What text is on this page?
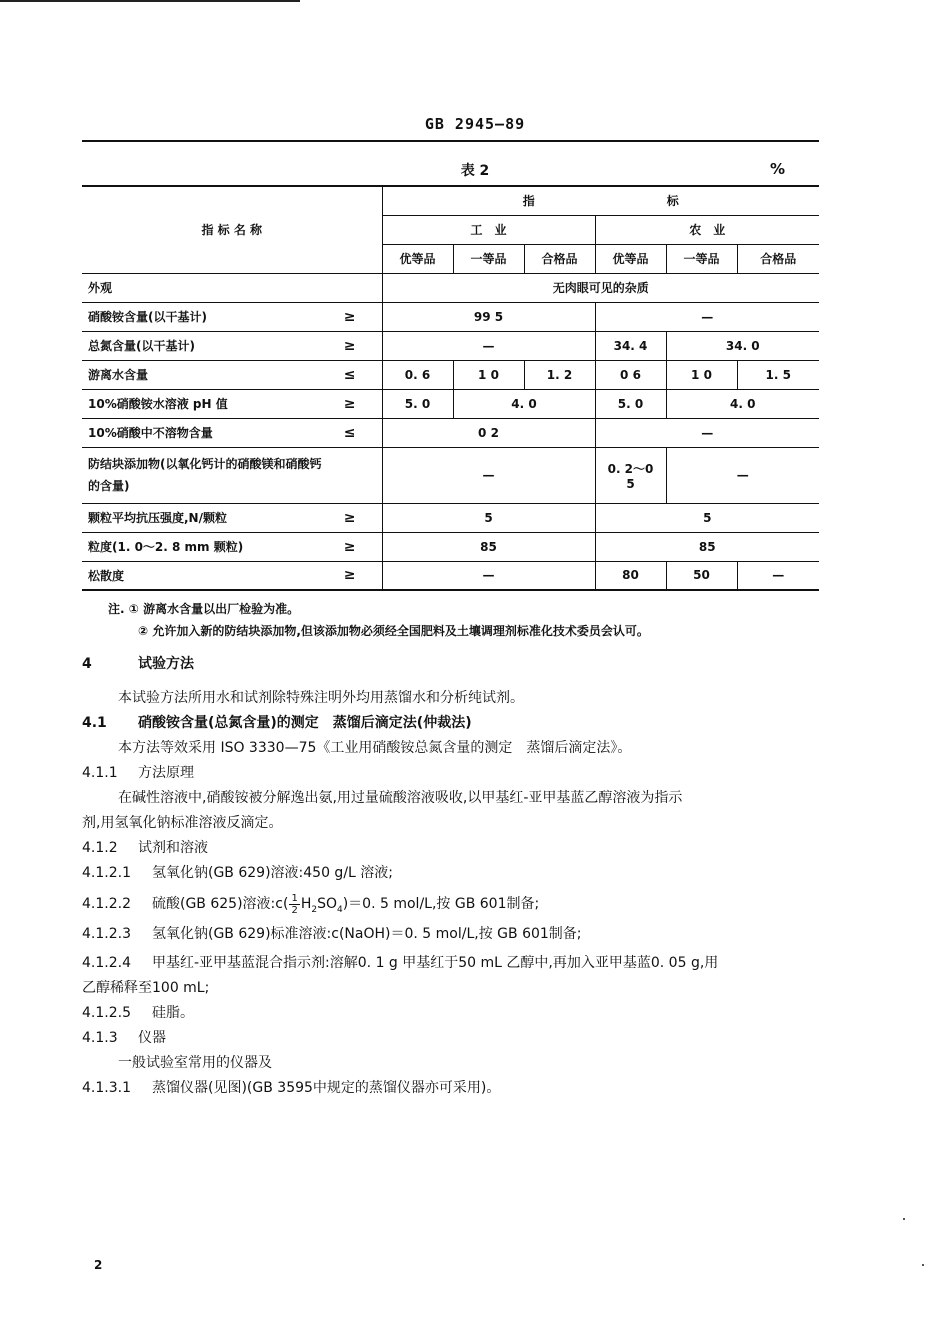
GB 2945—89
表 2	%
指 标 名 称	指　　　　　　　　　　　标					
	工　业			农　业		
	优等品	一等品	合格品	优等品	一等品	合格品
外观	无肉眼可见的杂质					

硝酸铵含量(以干基计) ≥	99 5			—		

总氮含量(以干基计) ≥	—			34. 4	34. 0	

游离水含量 ≤	0. 6	1 0	1. 2	0 6	1 0	1. 5

10%硝酸铵水溶液 pH 值 ≥	5. 0	4. 0		5. 0	4. 0	

10%硝酸中不溶物含量 ≤	0 2			—		

防结块添加物(以氧化钙计的硝酸镁和硝酸钙
的含量)	—			0. 2～0 5	—	

颗粒平均抗压强度,N/颗粒 ≥	5			5		

粒度(1. 0～2. 8 mm 颗粒) ≥	85			85		

松散度 ≥	—			80	50	—
注. ① 游离水含量以出厂检验为准。
② 允许加入新的防结块添加物,但该添加物必须经全国肥料及土壤调理剂标准化技术委员会认可。
4	试验方法
本试验方法所用水和试剂除特殊注明外均用蒸馏水和分析纯试剂。
4.1 硝酸铵含量(总氮含量)的测定　蒸馏后滴定法(仲裁法)
本方法等效采用 ISO 3330—75《工业用硝酸铵总氮含量的测定　蒸馏后滴定法》。
4.1.1 方法原理
在碱性溶液中,硝酸铵被分解逸出氨,用过量硫酸溶液吸收,以甲基红-亚甲基蓝乙醇溶液为指示
剂,用氢氧化钠标准溶液反滴定。
4.1.2 试剂和溶液
4.1.2.1 氢氧化钠(GB 629)溶液:450 g/L 溶液;
4.1.2.2 硫酸(GB 625)溶液:c( $\frac{1}{2} H_2SO_4)=0$. 5 mol/L,按 GB 601制备;
4.1.2.3 氢氧化钠(GB 629)标准溶液:c(NaOH)＝0. 5 mol/L,按 GB 601制备;
4.1.2.4 甲基红-亚甲基蓝混合指示剂:溶解0. 1 g 甲基红于50 mL 乙醇中,再加入亚甲基蓝0. 05 g,用
乙醇稀释至100 mL;
4.1.2.5 硅脂。
4.1.3 仪器
一般试验室常用的仪器及
4.1.3.1 蒸馏仪器(见图)(GB 3595中规定的蒸馏仪器亦可采用)。
2
